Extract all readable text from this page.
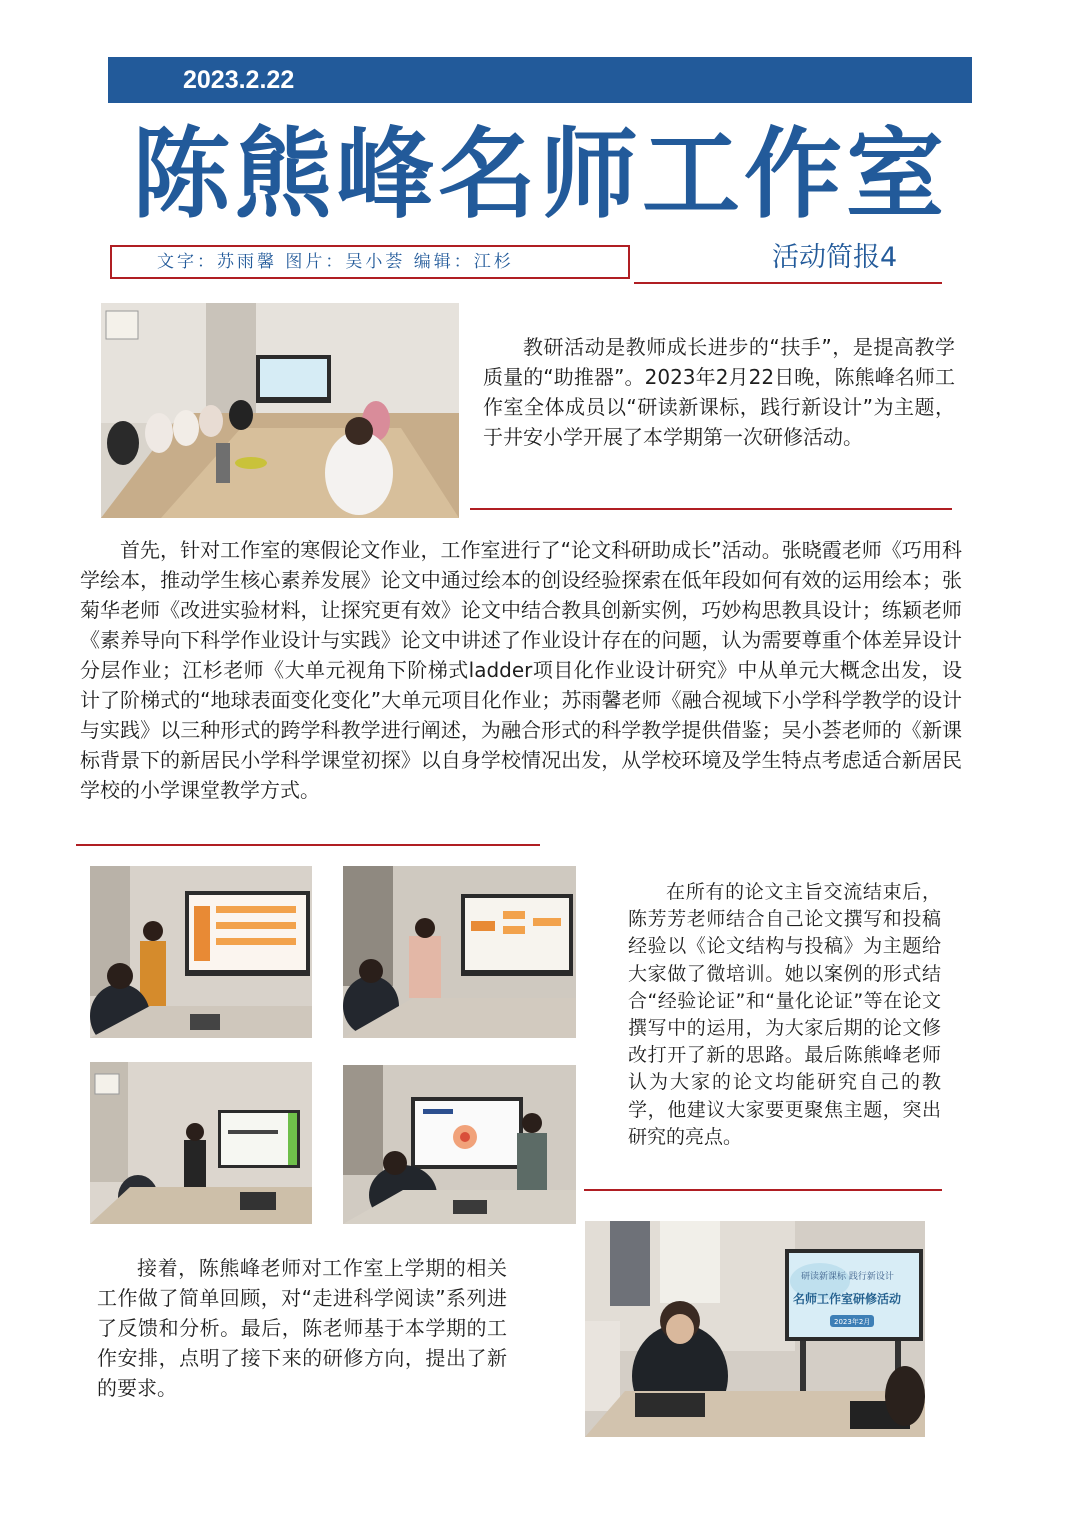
2023.2.22
陈熊峰名师工作室
文字：苏雨馨 图片：吴小荟 编辑：江杉	活动简报4
教研活动是教师成长进步的“扶手”，是提高教学质量的“助推器”。2023年2月22日晚，陈熊峰名师工作室全体成员以“研读新课标，践行新设计”为主题，于井安小学开展了本学期第一次研修活动。
首先，针对工作室的寒假论文作业，工作室进行了“论文科研助成长”活动。张晓霞老师《巧用科学绘本，推动学生核心素养发展》论文中通过绘本的创设经验探索在低年段如何有效的运用绘本；张菊华老师《改进实验材料，让探究更有效》论文中结合教具创新实例，巧妙构思教具设计；练颖老师《素养导向下科学作业设计与实践》论文中讲述了作业设计存在的问题，认为需要尊重个体差异设计分层作业；江杉老师《大单元视角下阶梯式ladder项目化作业设计研究》中从单元大概念出发，设计了阶梯式的“地球表面变化变化”大单元项目化作业；苏雨馨老师《融合视域下小学科学教学的设计与实践》以三种形式的跨学科教学进行阐述，为融合形式的科学教学提供借鉴；吴小荟老师的《新课标背景下的新居民小学科学课堂初探》以自身学校情况出发，从学校环境及学生特点考虑适合新居民学校的小学课堂教学方式。
在所有的论文主旨交流结束后，陈芳芳老师结合自己论文撰写和投稿经验以《论文结构与投稿》为主题给大家做了微培训。她以案例的形式结合“经验论证”和“量化论证”等在论文撰写中的运用，为大家后期的论文修改打开了新的思路。最后陈熊峰老师认为大家的论文均能研究自己的教学，他建议大家要更聚焦主题，突出研究的亮点。
接着，陈熊峰老师对工作室上学期的相关工作做了简单回顾，对“走进科学阅读”系列进了反馈和分析。最后，陈老师基于本学期的工作安排，点明了接下来的研修方向，提出了新的要求。
研读新课标 践行新设计
名师工作室研修活动
2023年2月
